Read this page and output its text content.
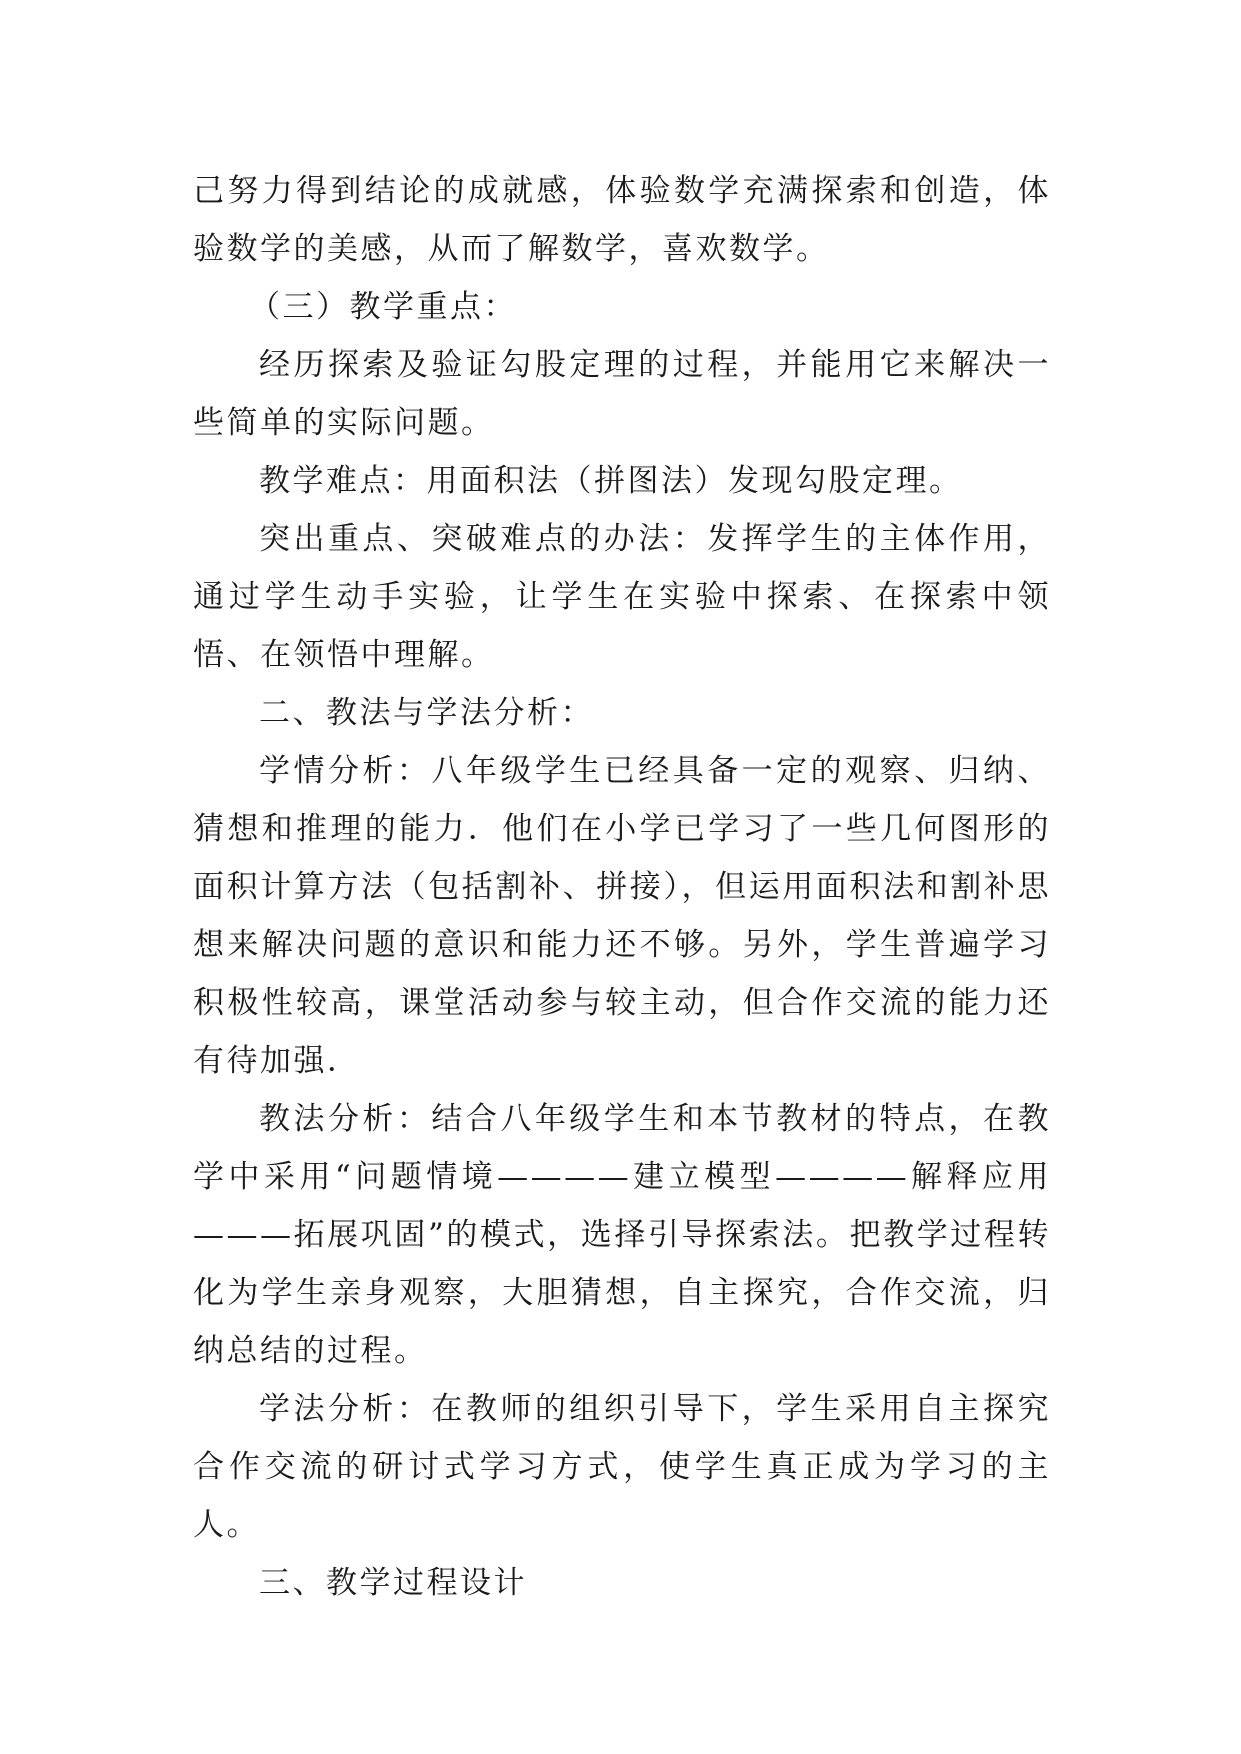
己努力得到结论的成就感，体验数学充满探索和创造，体验数学的美感，从而了解数学，喜欢数学。

（三）教学重点：

经历探索及验证勾股定理的过程，并能用它来解决一些简单的实际问题。

教学难点：用面积法（拼图法）发现勾股定理。

突出重点、突破难点的办法：发挥学生的主体作用，通过学生动手实验，让学生在实验中探索、在探索中领悟、在领悟中理解。

二、教法与学法分析：

学情分析：八年级学生已经具备一定的观察、归纳、猜想和推理的能力．他们在小学已学习了一些几何图形的面积计算方法（包括割补、拼接），但运用面积法和割补思想来解决问题的意识和能力还不够。另外，学生普遍学习积极性较高，课堂活动参与较主动，但合作交流的能力还有待加强．

教法分析：结合八年级学生和本节教材的特点，在教学中采用“问题情境————建立模型————解释应用———拓展巩固”的模式，选择引导探索法。把教学过程转化为学生亲身观察，大胆猜想，自主探究，合作交流，归纳总结的过程。

学法分析：在教师的组织引导下，学生采用自主探究合作交流的研讨式学习方式，使学生真正成为学习的主人。

三、教学过程设计
